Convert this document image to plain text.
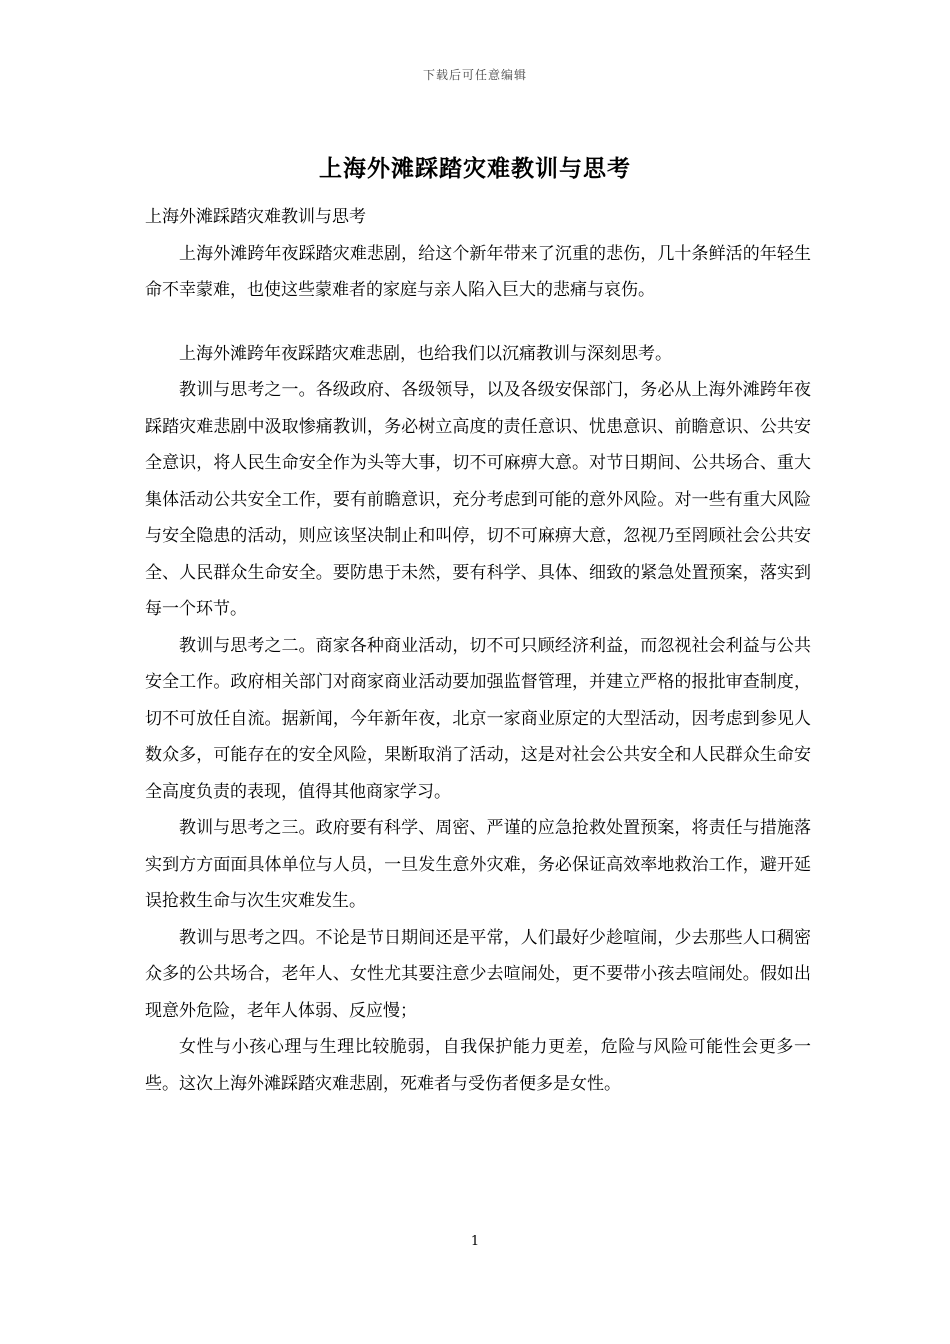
下载后可任意编辑
上海外滩踩踏灾难教训与思考

上海外滩踩踏灾难教训与思考

上海外滩跨年夜踩踏灾难悲剧，给这个新年带来了沉重的悲伤，几十条鲜活的年轻生命不幸蒙难，也使这些蒙难者的家庭与亲人陷入巨大的悲痛与哀伤。

上海外滩跨年夜踩踏灾难悲剧，也给我们以沉痛教训与深刻思考。

教训与思考之一。各级政府、各级领导，以及各级安保部门，务必从上海外滩跨年夜踩踏灾难悲剧中汲取惨痛教训，务必树立高度的责任意识、忧患意识、前瞻意识、公共安全意识，将人民生命安全作为头等大事，切不可麻痹大意。对节日期间、公共场合、重大集体活动公共安全工作，要有前瞻意识，充分考虑到可能的意外风险。对一些有重大风险与安全隐患的活动，则应该坚决制止和叫停，切不可麻痹大意，忽视乃至罔顾社会公共安全、人民群众生命安全。要防患于未然，要有科学、具体、细致的紧急处置预案，落实到每一个环节。

教训与思考之二。商家各种商业活动，切不可只顾经济利益，而忽视社会利益与公共安全工作。政府相关部门对商家商业活动要加强监督管理，并建立严格的报批审查制度，切不可放任自流。据新闻，今年新年夜，北京一家商业原定的大型活动，因考虑到参见人数众多，可能存在的安全风险，果断取消了活动，这是对社会公共安全和人民群众生命安全高度负责的表现，值得其他商家学习。

教训与思考之三。政府要有科学、周密、严谨的应急抢救处置预案，将责任与措施落实到方方面面具体单位与人员，一旦发生意外灾难，务必保证高效率地救治工作，避开延误抢救生命与次生灾难发生。

教训与思考之四。不论是节日期间还是平常，人们最好少趁喧闹，少去那些人口稠密众多的公共场合，老年人、女性尤其要注意少去喧闹处，更不要带小孩去喧闹处。假如出现意外危险，老年人体弱、反应慢；

女性与小孩心理与生理比较脆弱，自我保护能力更差，危险与风险可能性会更多一些。这次上海外滩踩踏灾难悲剧，死难者与受伤者便多是女性。

1
